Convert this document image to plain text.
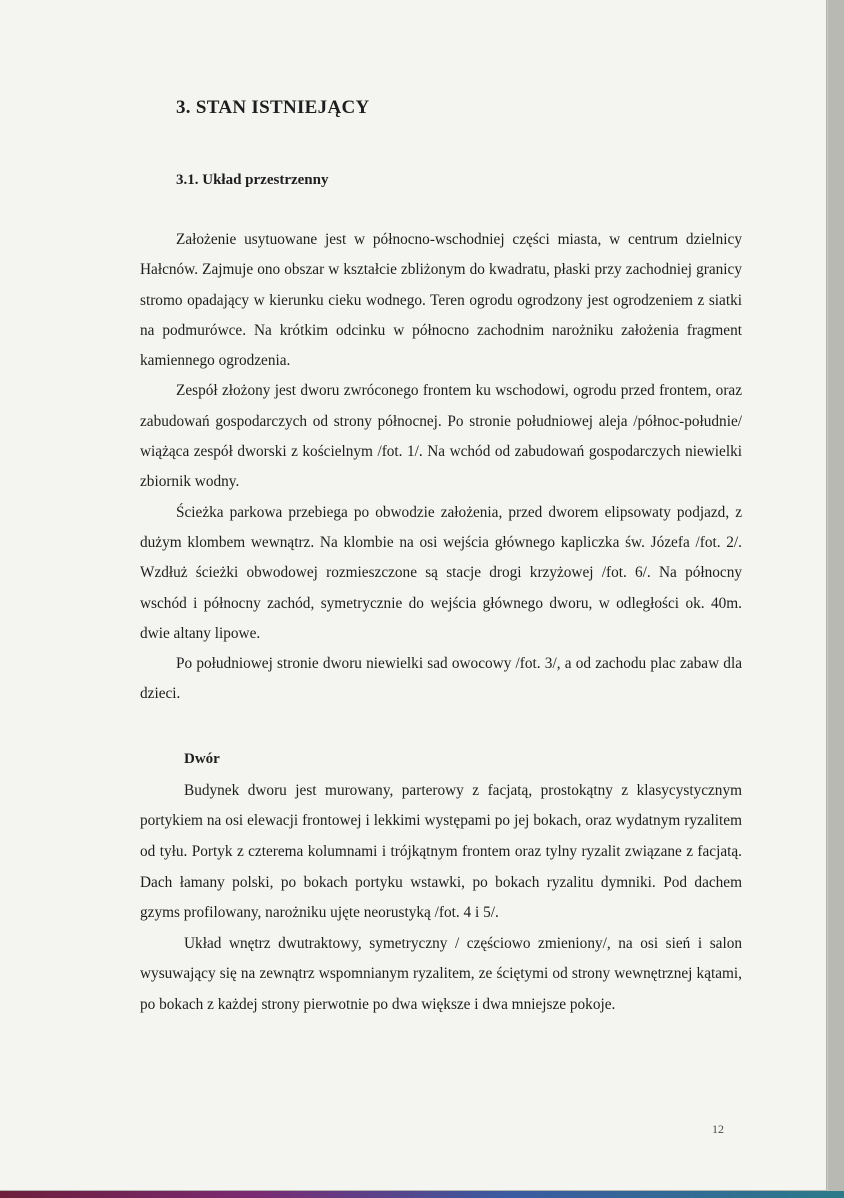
3. STAN ISTNIEJĄCY
3.1. Układ przestrzenny

Założenie usytuowane jest w północno-wschodniej części miasta, w centrum dzielnicy Hałcnów. Zajmuje ono obszar w kształcie zbliżonym do kwadratu, płaski przy zachodniej granicy stromo opadający w kierunku cieku wodnego. Teren ogrodu ogrodzony jest ogrodzeniem z siatki na podmurówce. Na krótkim odcinku w północno zachodnim narożniku założenia fragment kamiennego ogrodzenia.

Zespół złożony jest dworu zwróconego frontem ku wschodowi, ogrodu przed frontem, oraz zabudowań gospodarczych od strony północnej. Po stronie południowej aleja /północ-południe/ wiążąca zespół dworski z kościelnym /fot. 1/. Na wchód od zabudowań gospodarczych niewielki zbiornik wodny.

Ścieżka parkowa przebiega po obwodzie założenia, przed dworem elipsowaty podjazd, z dużym klombem wewnątrz. Na klombie na osi wejścia głównego kapliczka św. Józefa /fot. 2/. Wzdłuż ścieżki obwodowej rozmieszczone są stacje drogi krzyżowej /fot. 6/. Na północny wschód i północny zachód, symetrycznie do wejścia głównego dworu, w odległości ok. 40m. dwie altany lipowe.

Po południowej stronie dworu niewielki sad owocowy /fot. 3/, a od zachodu plac zabaw dla dzieci.

Dwór

Budynek dworu jest murowany, parterowy z facjatą, prostokątny z klasycystycznym portykiem na osi elewacji frontowej i lekkimi występami po jej bokach, oraz wydatnym ryzalitem od tyłu. Portyk z czterema kolumnami i trójkątnym frontem oraz tylny ryzalit związane z facjatą. Dach łamany polski, po bokach portyku wstawki, po bokach ryzalitu dymniki. Pod dachem gzyms profilowany, narożniku ujęte neorustyką /fot. 4 i 5/.

Układ wnętrz dwutraktowy, symetryczny / częściowo zmieniony/, na osi sień i salon wysuwający się na zewnątrz wspomnianym ryzalitem, ze ściętymi od strony wewnętrznej kątami, po bokach z każdej strony pierwotnie po dwa większe i dwa mniejsze pokoje.

12
